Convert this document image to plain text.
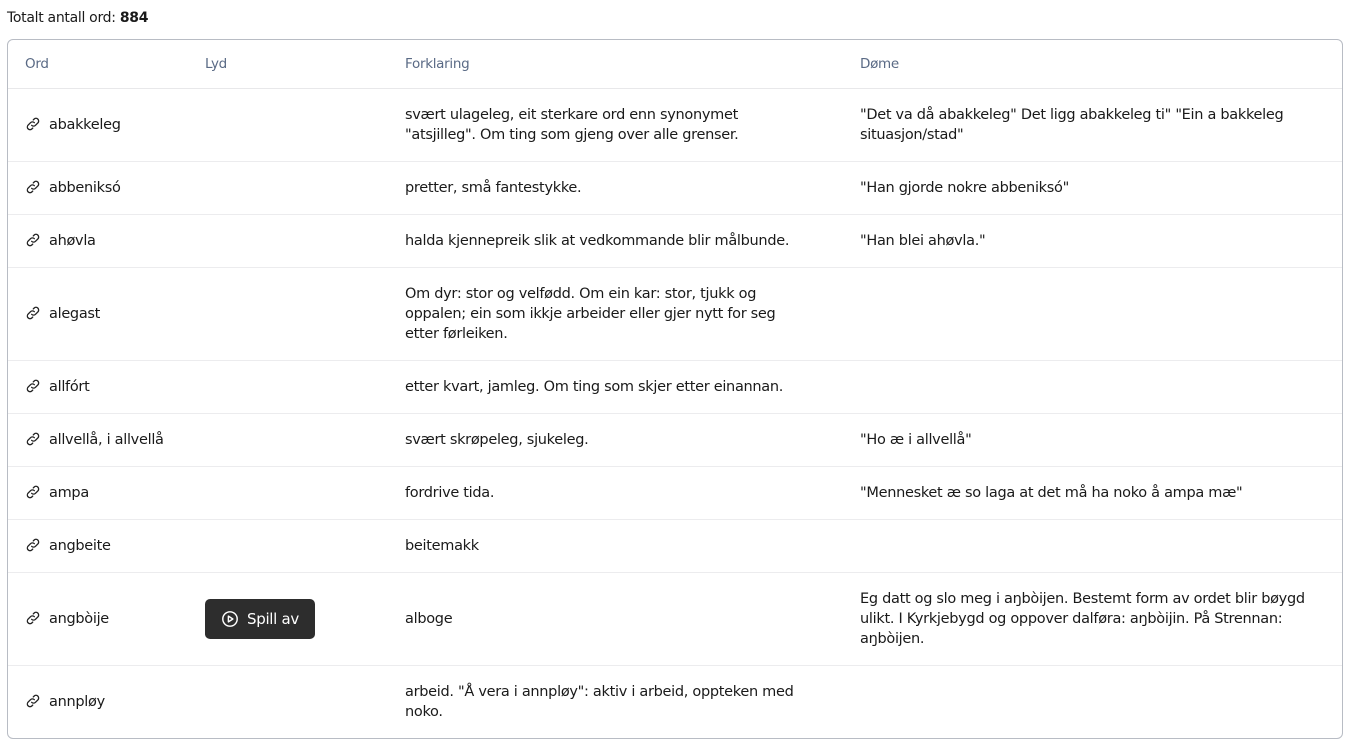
Totalt antall ord: 884
Ord	Lyd	Forklaring	Døme
abakkeleg		svært ulageleg, eit sterkare ord enn synonymet "atsjilleg". Om ting som gjeng over alle grenser.	"Det va då abakkeleg" Det ligg abakkeleg ti" "Ein a bakkeleg situasjon/stad"
abbeniksó		pretter, små fantestykke.	"Han gjorde nokre abbeniksó"
ahøvla		halda kjennepreik slik at vedkommande blir målbunde.	"Han blei ahøvla."
alegast		Om dyr: stor og velfødd. Om ein kar: stor, tjukk og oppalen; ein som ikkje arbeider eller gjer nytt for seg etter førleiken.	
allfórt		etter kvart, jamleg. Om ting som skjer etter einannan.	
allvellå, i allvellå		svært skrøpeleg, sjukeleg.	"Ho æ i allvellå"
ampa		fordrive tida.	"Mennesket æ so laga at det må ha noko å ampa mæ"
angbeite		beitemakk	
angbòije	Spill av	alboge	Eg datt og slo meg i aŋbòijen. Bestemt form av ordet blir bøygd ulikt. I Kyrkjebygd og oppover dalføra: aŋbòijin. På Strennan: aŋbòijen.
annpløy		arbeid. "Å vera i annpløy": aktiv i arbeid, oppteken med noko.	
